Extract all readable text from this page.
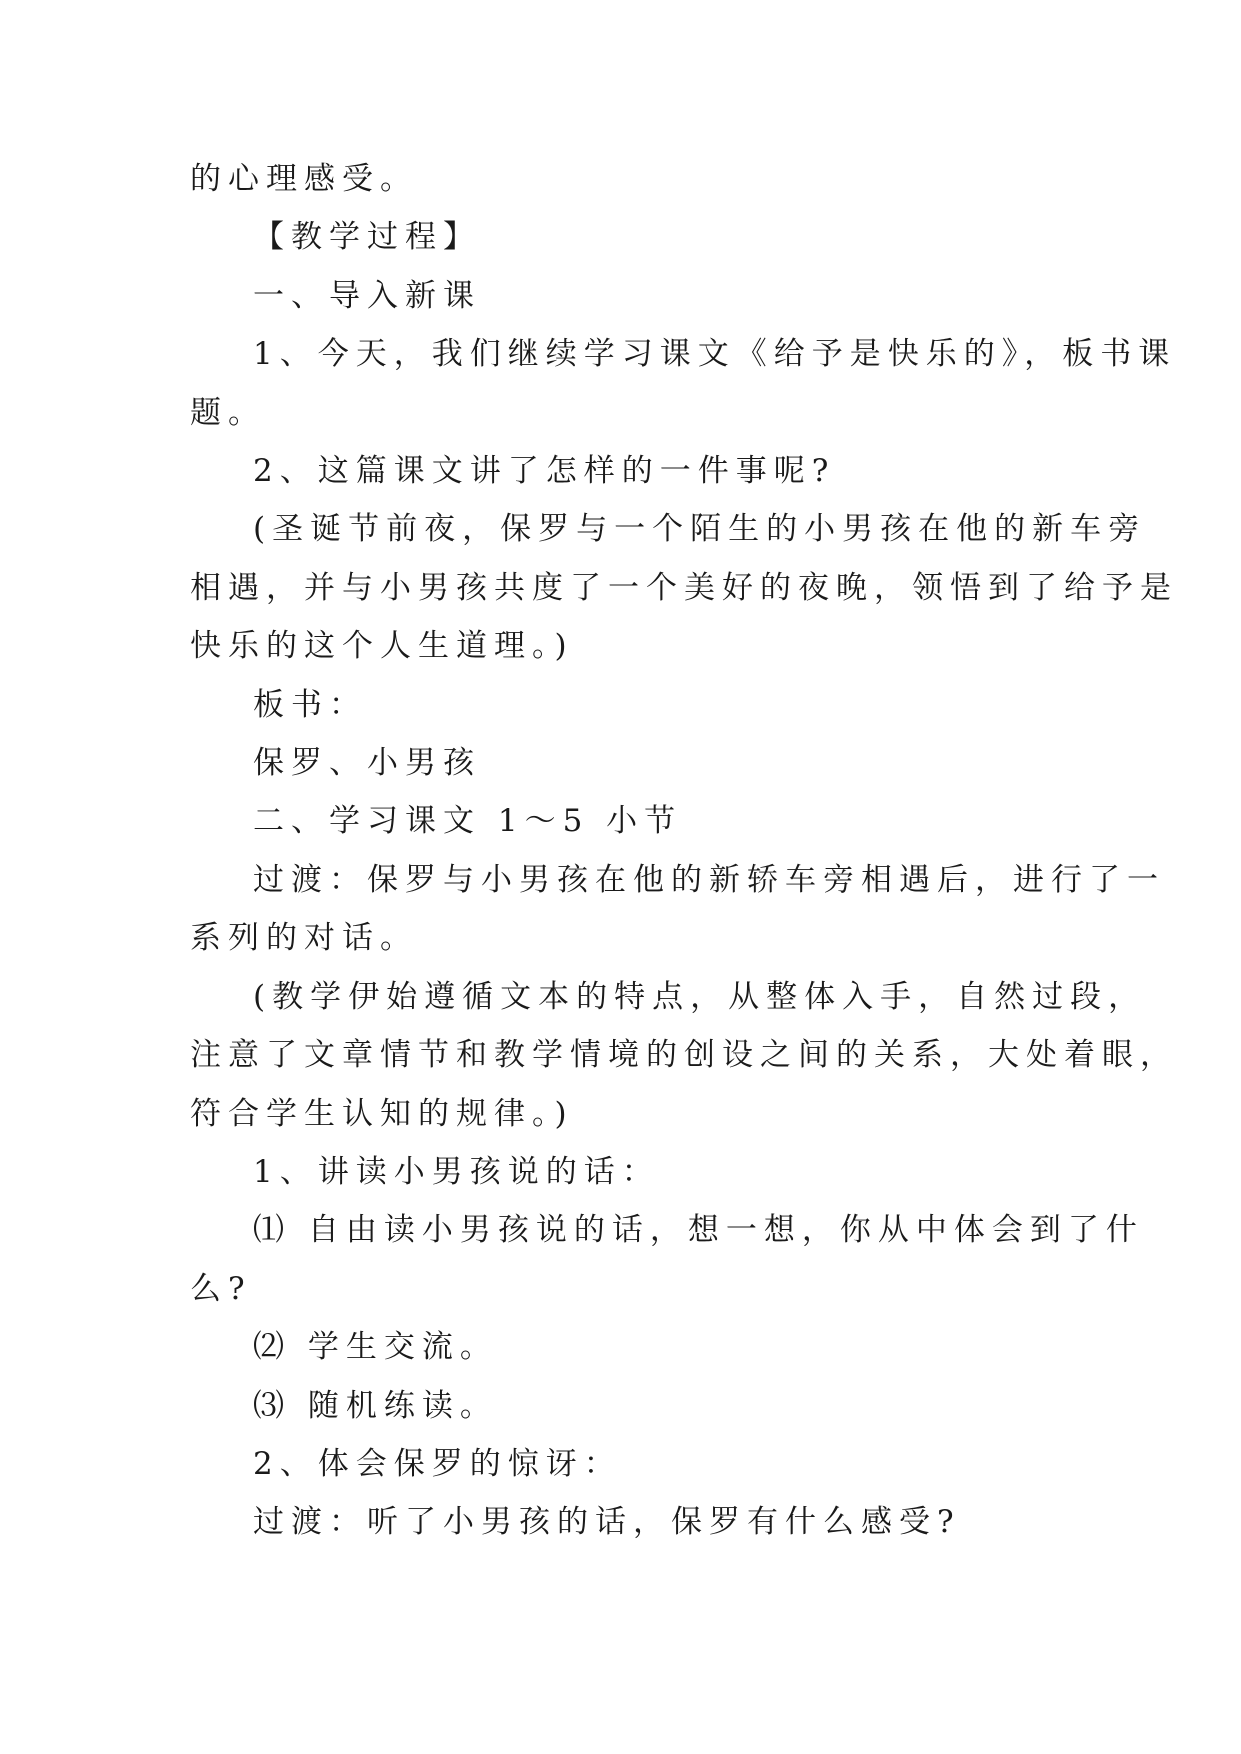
的心理感受。

【教学过程】

一、导入新课

1、今天，我们继续学习课文《给予是快乐的》，板书课

题。

2、这篇课文讲了怎样的一件事呢?

(圣诞节前夜，保罗与一个陌生的小男孩在他的新车旁

相遇，并与小男孩共度了一个美好的夜晚，领悟到了给予是

快乐的这个人生道理。)

板书：

保罗、小男孩

二、学习课文 1～5 小节

过渡：保罗与小男孩在他的新轿车旁相遇后，进行了一

系列的对话。

(教学伊始遵循文本的特点，从整体入手，自然过段，

注意了文章情节和教学情境的创设之间的关系，大处着眼，

符合学生认知的规律。)

1、讲读小男孩说的话：

⑴ 自由读小男孩说的话，想一想，你从中体会到了什

么?

⑵ 学生交流。

⑶ 随机练读。

2、体会保罗的惊讶：

过渡：听了小男孩的话，保罗有什么感受?
